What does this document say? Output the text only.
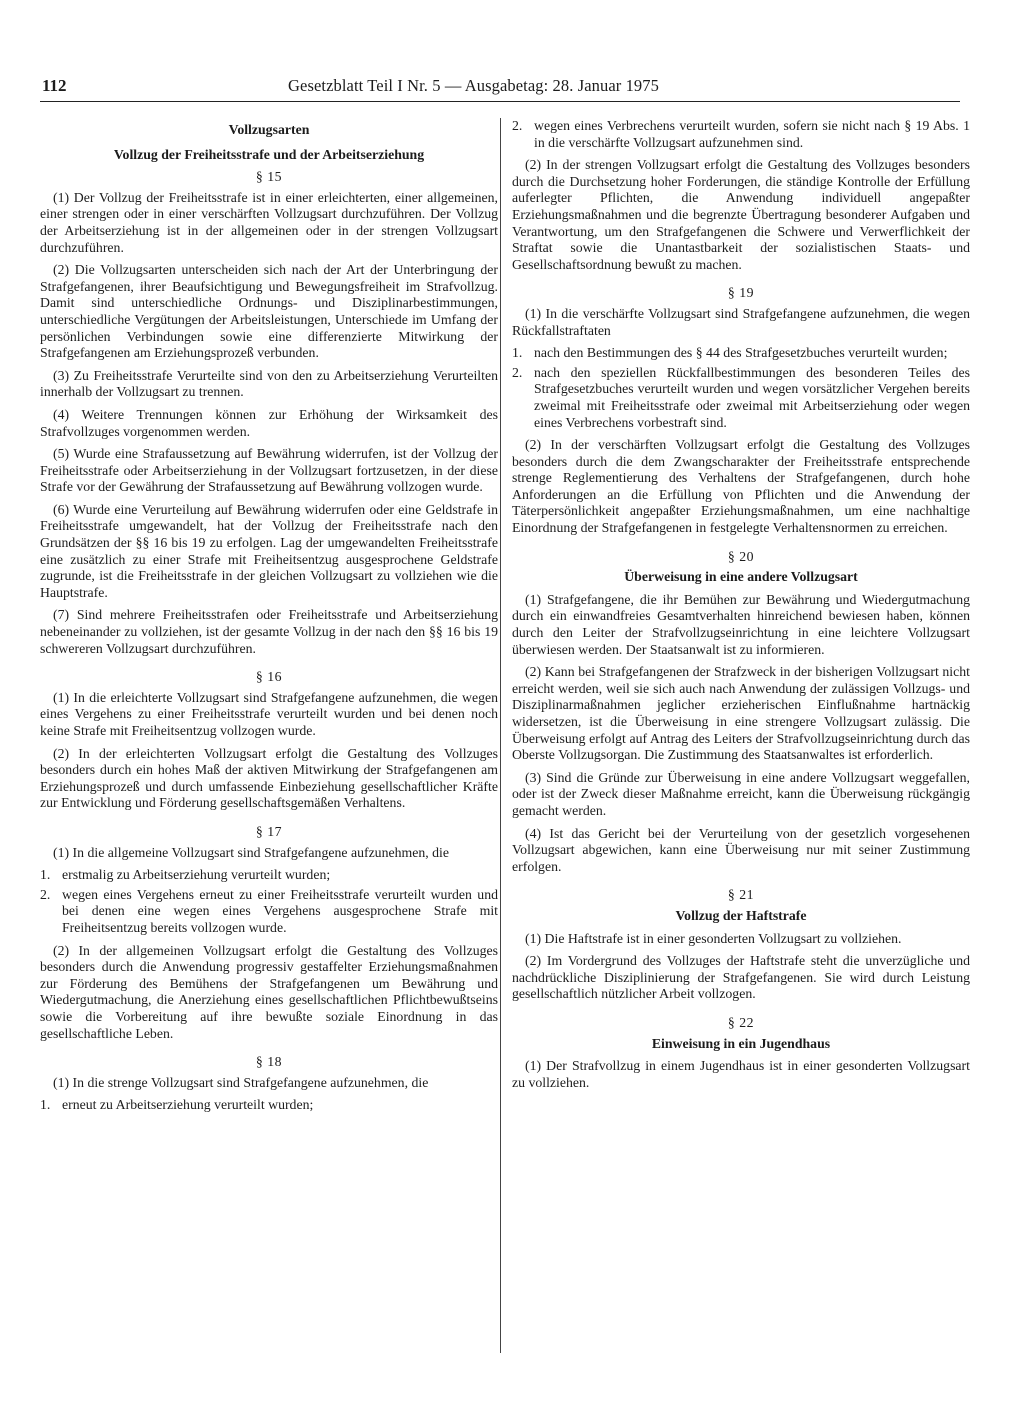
112	Gesetzblatt Teil I Nr. 5 — Ausgabetag: 28. Januar 1975
Vollzugsarten
Vollzug der Freiheitsstrafe und der Arbeitserziehung
§ 15

(1) Der Vollzug der Freiheitsstrafe ist in einer erleichterten, einer allgemeinen, einer strengen oder in einer verschärften Vollzugsart durchzuführen. Der Vollzug der Arbeitserziehung ist in der allgemeinen oder in der strengen Vollzugsart durchzuführen.

(2) Die Vollzugsarten unterscheiden sich nach der Art der Unterbringung der Strafgefangenen, ihrer Beaufsichtigung und Bewegungsfreiheit im Strafvollzug. Damit sind unterschiedliche Ordnungs- und Disziplinarbestimmungen, unterschiedliche Vergütungen der Arbeitsleistungen, Unterschiede im Umfang der persönlichen Verbindungen sowie eine differenzierte Mitwirkung der Strafgefangenen am Erziehungsprozeß verbunden.

(3) Zu Freiheitsstrafe Verurteilte sind von den zu Arbeitserziehung Verurteilten innerhalb der Vollzugsart zu trennen.

(4) Weitere Trennungen können zur Erhöhung der Wirksamkeit des Strafvollzuges vorgenommen werden.

(5) Wurde eine Strafaussetzung auf Bewährung widerrufen, ist der Vollzug der Freiheitsstrafe oder Arbeitserziehung in der Vollzugsart fortzusetzen, in der diese Strafe vor der Gewährung der Strafaussetzung auf Bewährung vollzogen wurde.

(6) Wurde eine Verurteilung auf Bewährung widerrufen oder eine Geldstrafe in Freiheitsstrafe umgewandelt, hat der Vollzug der Freiheitsstrafe nach den Grundsätzen der §§ 16 bis 19 zu erfolgen. Lag der umgewandelten Freiheitsstrafe eine zusätzlich zu einer Strafe mit Freiheitsentzug ausgesprochene Geldstrafe zugrunde, ist die Freiheitsstrafe in der gleichen Vollzugsart zu vollziehen wie die Hauptstrafe.

(7) Sind mehrere Freiheitsstrafen oder Freiheitsstrafe und Arbeitserziehung nebeneinander zu vollziehen, ist der gesamte Vollzug in der nach den §§ 16 bis 19 schwereren Vollzugsart durchzuführen.

§ 16

(1) In die erleichterte Vollzugsart sind Strafgefangene aufzunehmen, die wegen eines Vergehens zu einer Freiheitsstrafe verurteilt wurden und bei denen noch keine Strafe mit Freiheitsentzug vollzogen wurde.

(2) In der erleichterten Vollzugsart erfolgt die Gestaltung des Vollzuges besonders durch ein hohes Maß der aktiven Mitwirkung der Strafgefangenen am Erziehungsprozeß und durch umfassende Einbeziehung gesellschaftlicher Kräfte zur Entwicklung und Förderung gesellschaftsgemäßen Verhaltens.

§ 17

(1) In die allgemeine Vollzugsart sind Strafgefangene aufzunehmen, die

1. erstmalig zu Arbeitserziehung verurteilt wurden;
2. wegen eines Vergehens erneut zu einer Freiheitsstrafe verurteilt wurden und bei denen eine wegen eines Vergehens ausgesprochene Strafe mit Freiheitsentzug bereits vollzogen wurde.

(2) In der allgemeinen Vollzugsart erfolgt die Gestaltung des Vollzuges besonders durch die Anwendung progressiv gestaffelter Erziehungsmaßnahmen zur Förderung des Bemühens der Strafgefangenen um Bewährung und Wiedergutmachung, die Anerziehung eines gesellschaftlichen Pflichtbewußtseins sowie die Vorbereitung auf ihre bewußte soziale Einordnung in das gesellschaftliche Leben.

§ 18

(1) In die strenge Vollzugsart sind Strafgefangene aufzunehmen, die

1. erneut zu Arbeitserziehung verurteilt wurden;
2. wegen eines Verbrechens verurteilt wurden, sofern sie nicht nach § 19 Abs. 1 in die verschärfte Vollzugsart aufzunehmen sind.

(2) In der strengen Vollzugsart erfolgt die Gestaltung des Vollzuges besonders durch die Durchsetzung hoher Forderungen, die ständige Kontrolle der Erfüllung auferlegter Pflichten, die Anwendung individuell angepaßter Erziehungsmaßnahmen und die begrenzte Übertragung besonderer Aufgaben und Verantwortung, um den Strafgefangenen die Schwere und Verwerflichkeit der Straftat sowie die Unantastbarkeit der sozialistischen Staats- und Gesellschaftsordnung bewußt zu machen.

§ 19

(1) In die verschärfte Vollzugsart sind Strafgefangene aufzunehmen, die wegen Rückfallstraftaten

1. nach den Bestimmungen des § 44 des Strafgesetzbuches verurteilt wurden;
2. nach den speziellen Rückfallbestimmungen des besonderen Teiles des Strafgesetzbuches verurteilt wurden und wegen vorsätzlicher Vergehen bereits zweimal mit Freiheitsstrafe oder zweimal mit Arbeitserziehung oder wegen eines Verbrechens vorbestraft sind.

(2) In der verschärften Vollzugsart erfolgt die Gestaltung des Vollzuges besonders durch die dem Zwangscharakter der Freiheitsstrafe entsprechende strenge Reglementierung des Verhaltens der Strafgefangenen, durch hohe Anforderungen an die Erfüllung von Pflichten und die Anwendung der Täterpersönlichkeit angepaßter Erziehungsmaßnahmen, um eine nachhaltige Einordnung der Strafgefangenen in festgelegte Verhaltensnormen zu erreichen.

§ 20
Überweisung in eine andere Vollzugsart

(1) Strafgefangene, die ihr Bemühen zur Bewährung und Wiedergutmachung durch ein einwandfreies Gesamtverhalten hinreichend bewiesen haben, können durch den Leiter der Strafvollzugseinrichtung in eine leichtere Vollzugsart überwiesen werden. Der Staatsanwalt ist zu informieren.

(2) Kann bei Strafgefangenen der Strafzweck in der bisherigen Vollzugsart nicht erreicht werden, weil sie sich auch nach Anwendung der zulässigen Vollzugs- und Disziplinarmaßnahmen jeglicher erzieherischen Einflußnahme hartnäckig widersetzen, ist die Überweisung in eine strengere Vollzugsart zulässig. Die Überweisung erfolgt auf Antrag des Leiters der Strafvollzugseinrichtung durch das Oberste Vollzugsorgan. Die Zustimmung des Staatsanwaltes ist erforderlich.

(3) Sind die Gründe zur Überweisung in eine andere Vollzugsart weggefallen, oder ist der Zweck dieser Maßnahme erreicht, kann die Überweisung rückgängig gemacht werden.

(4) Ist das Gericht bei der Verurteilung von der gesetzlich vorgesehenen Vollzugsart abgewichen, kann eine Überweisung nur mit seiner Zustimmung erfolgen.

§ 21
Vollzug der Haftstrafe

(1) Die Haftstrafe ist in einer gesonderten Vollzugsart zu vollziehen.

(2) Im Vordergrund des Vollzuges der Haftstrafe steht die unverzügliche und nachdrückliche Disziplinierung der Strafgefangenen. Sie wird durch Leistung gesellschaftlich nützlicher Arbeit vollzogen.

§ 22
Einweisung in ein Jugendhaus

(1) Der Strafvollzug in einem Jugendhaus ist in einer gesonderten Vollzugsart zu vollziehen.
